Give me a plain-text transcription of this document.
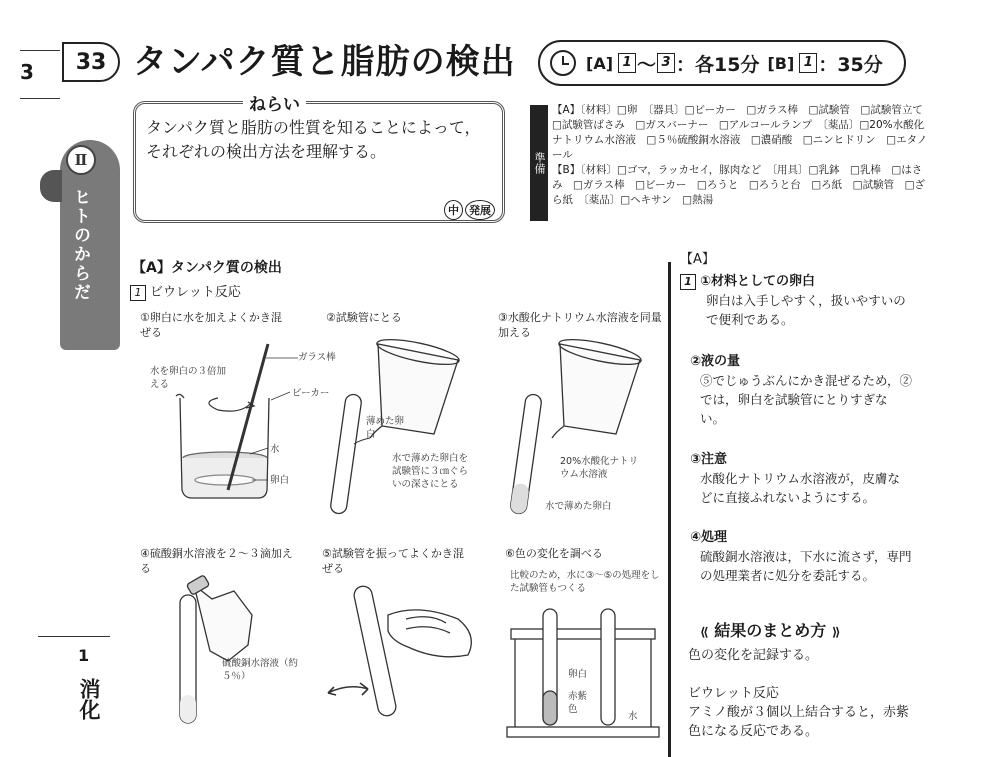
33
3
Ⅱ
ヒトのからだ
1
消化
タンパク質と脂肪の検出	[A] 1 〜 3 ：各15分 [B] 1 ：35分
ねらい
タンパク質と脂肪の性質を知ることによって，それぞれの検出方法を理解する。
中 発展
準備

【A】〔材料〕□卵　〔器具〕□ビーカー　□ガラス棒　□試験管　□試験管立て　□試験管ばさみ　□ガスバーナー　□アルコールランプ　〔薬品〕□20%水酸化ナトリウム水溶液　□５％硫酸銅水溶液　□濃硝酸　□ニンヒドリン　□エタノール

【B】〔材料〕□ゴマ，ラッカセイ，豚肉など　〔用具〕□乳鉢　□乳棒　□はさみ　□ガラス棒　□ビーカー　□ろうと　□ろうと台　□ろ紙　□試験管　□ざら紙　〔薬品〕□ヘキサン　□熱湯

【A】タンパク質の検出
1 ビウレット反応
①卵白に水を加えよくかき混ぜる
②試験管にとる	③水酸化ナトリウム水溶液を同量加える
④硫酸銅水溶液を２〜３滴加える
⑤試験管を振ってよくかき混ぜる
⑥色の変化を調べる
ガラス棒
ビーカー
水を卵白の３倍加える
水
卵白
薄めた卵白
水で薄めた卵白を試験管に３㎝ぐらいの深さにとる
20%水酸化ナトリウム水溶液
水で薄めた卵白
硫酸銅水溶液（約５％）
比較のため，水に③〜⑤の処理をした試験管もつくる
卵白
赤紫色
水
【A】
1 ①材料としての卵白
卵白は入手しやすく，扱いやすいので便利である。
②液の量
⑤でじゅうぶんにかき混ぜるため，②では，卵白を試験管にとりすぎない。
③注意
水酸化ナトリウム水溶液が，皮膚などに直接ふれないようにする。
④処理
硫酸銅水溶液は，下水に流さず，専門の処理業者に処分を委託する。
⟪ 結果のまとめ方 ⟫
色の変化を記録する。
ビウレット反応
アミノ酸が３個以上結合すると，赤紫色になる反応である。
